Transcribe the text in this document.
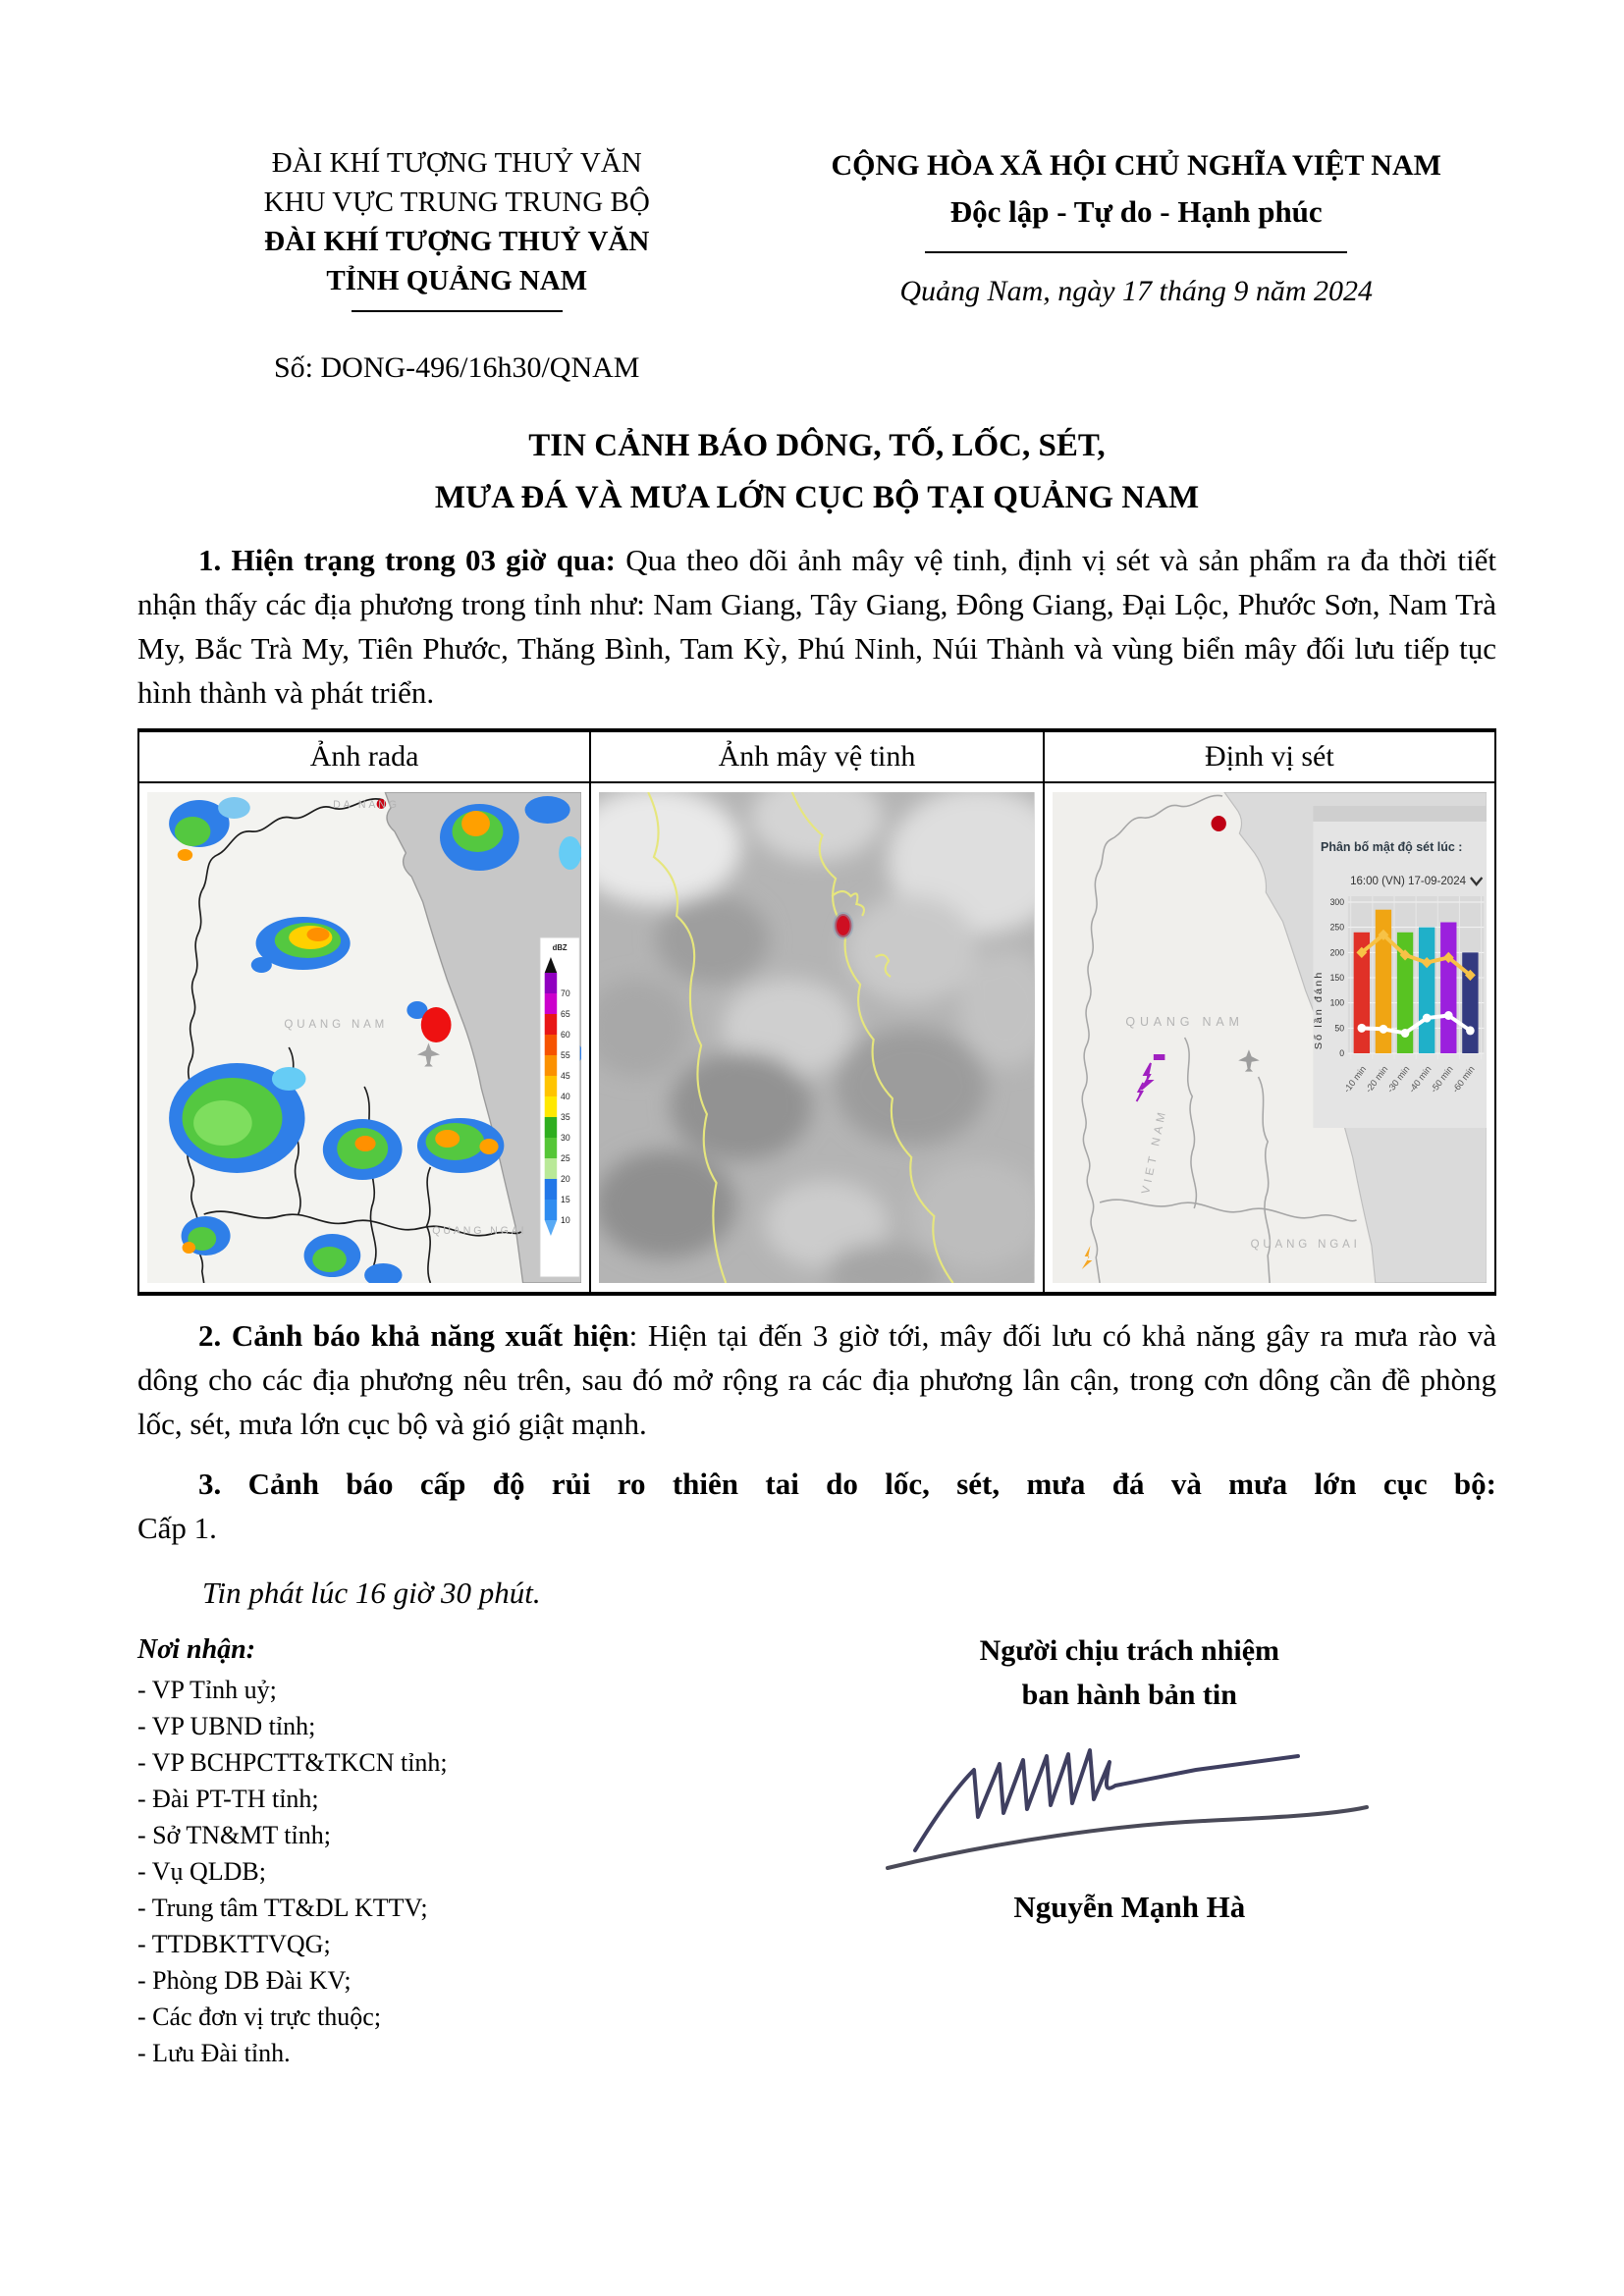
ĐÀI KHÍ TƯỢNG THUỶ VĂN
KHU VỰC TRUNG TRUNG BỘ
ĐÀI KHÍ TƯỢNG THUỶ VĂN
TỈNH QUẢNG NAM
Số: DONG-496/16h30/QNAM
CỘNG HÒA XÃ HỘI CHỦ NGHĨA VIỆT NAM
Độc lập - Tự do - Hạnh phúc
Quảng Nam, ngày 17 tháng 9 năm 2024
TIN CẢNH BÁO DÔNG, TỐ, LỐC, SÉT,
MƯA ĐÁ VÀ MƯA LỚN CỤC BỘ TẠI QUẢNG NAM

1. Hiện trạng trong 03 giờ qua: Qua theo dõi ảnh mây vệ tinh, định vị sét và sản phẩm ra đa thời tiết nhận thấy các địa phương trong tỉnh như: Nam Giang, Tây Giang, Đông Giang, Đại Lộc, Phước Sơn, Nam Trà My, Bắc Trà My, Tiên Phước, Thăng Bình, Tam Kỳ, Phú Ninh, Núi Thành và vùng biển mây đối lưu tiếp tục hình thành và phát triển.

Ảnh rada	Ảnh mây vệ tinh	Định vị sét

DA NANG
QUANG NAM
QUANG NGAI
dBZ
70
65
60
55
45
40
35
30
25
20
15
10

QUANG NAM
VIET NAM
QUANG NGAI
Phân bố mật độ sét lúc :
16:00 (VN) 17-09-2024
Số lần đánh
0
50
100
150
200
250
300
-10 min
-20 min
-30 min
-40 min
-50 min
-60 min

2. Cảnh báo khả năng xuất hiện: Hiện tại đến 3 giờ tới, mây đối lưu có khả năng gây ra mưa rào và dông cho các địa phương nêu trên, sau đó mở rộng ra các địa phương lân cận, trong cơn dông cần đề phòng lốc, sét, mưa lớn cục bộ và gió giật mạnh.

3. Cảnh báo cấp độ rủi ro thiên tai do lốc, sét, mưa đá và mưa lớn cục bộ:

Cấp 1.

Tin phát lúc 16 giờ 30 phút.

Nơi nhận:
- VP Tỉnh uỷ;
- VP UBND tỉnh;
- VP BCHPCTT&TKCN tỉnh;
- Đài PT-TH tỉnh;
- Sở TN&MT tỉnh;
- Vụ QLDB;
- Trung tâm TT&DL KTTV;
- TTDBKTTVQG;
- Phòng DB Đài KV;
- Các đơn vị trực thuộc;
- Lưu Đài tỉnh.
Người chịu trách nhiệm
ban hành bản tin
Nguyễn Mạnh Hà
